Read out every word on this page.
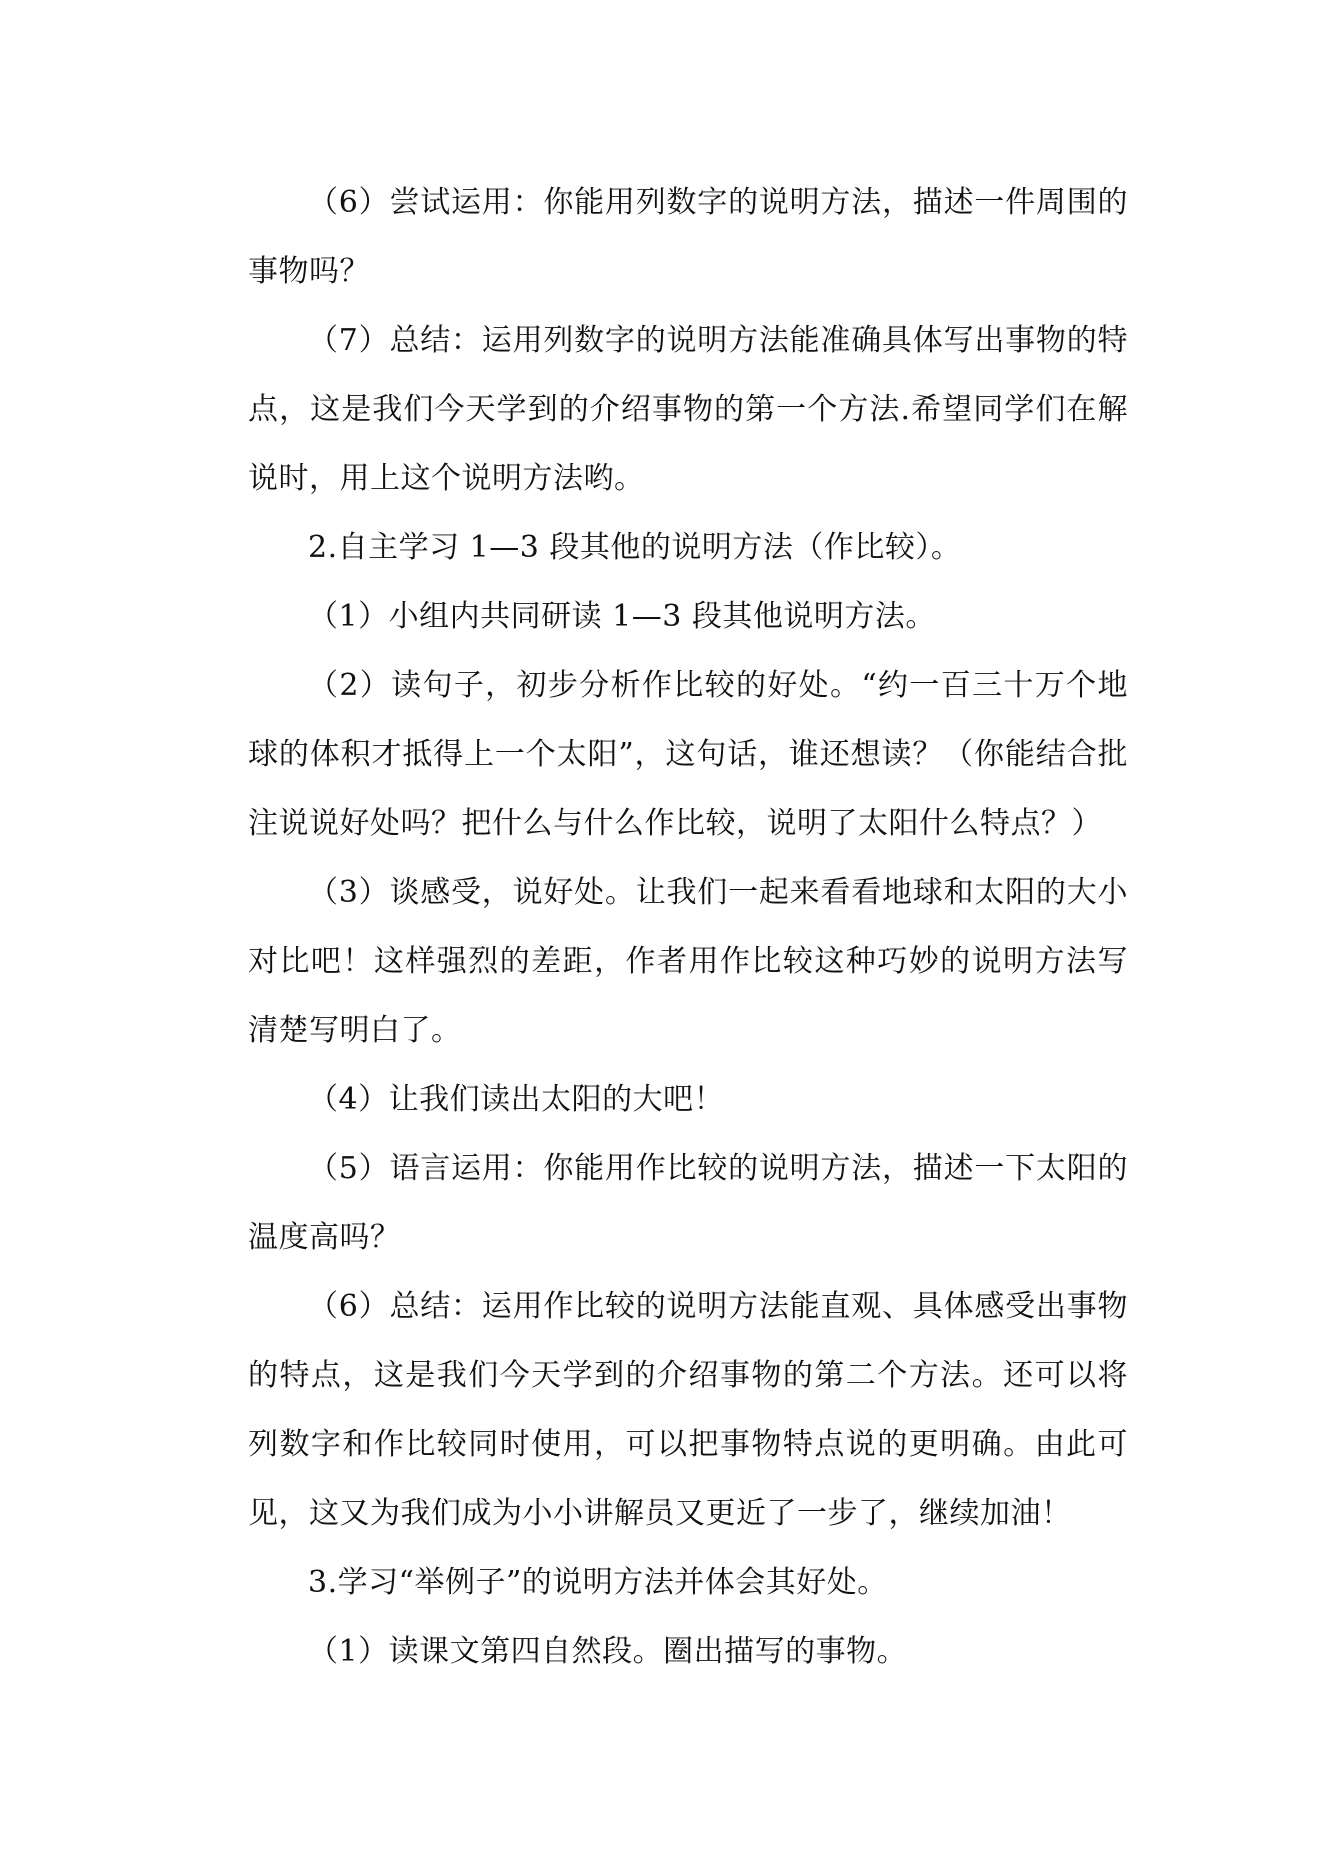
（6）尝试运用：你能用列数字的说明方法，描述一件周围的事物吗？

（7）总结：运用列数字的说明方法能准确具体写出事物的特点，这是我们今天学到的介绍事物的第一个方法.希望同学们在解说时，用上这个说明方法哟。

2.自主学习 1—3 段其他的说明方法（作比较）。

（1）小组内共同研读 1—3 段其他说明方法。

（2）读句子，初步分析作比较的好处。“约一百三十万个地球的体积才抵得上一个太阳”，这句话，谁还想读？（你能结合批注说说好处吗？把什么与什么作比较，说明了太阳什么特点？）

（3）谈感受，说好处。让我们一起来看看地球和太阳的大小对比吧！这样强烈的差距，作者用作比较这种巧妙的说明方法写清楚写明白了。

（4）让我们读出太阳的大吧！

（5）语言运用：你能用作比较的说明方法，描述一下太阳的温度高吗？

（6）总结：运用作比较的说明方法能直观、具体感受出事物的特点，这是我们今天学到的介绍事物的第二个方法。还可以将列数字和作比较同时使用，可以把事物特点说的更明确。由此可见，这又为我们成为小小讲解员又更近了一步了，继续加油！

3.学习“举例子”的说明方法并体会其好处。

（1）读课文第四自然段。圈出描写的事物。
